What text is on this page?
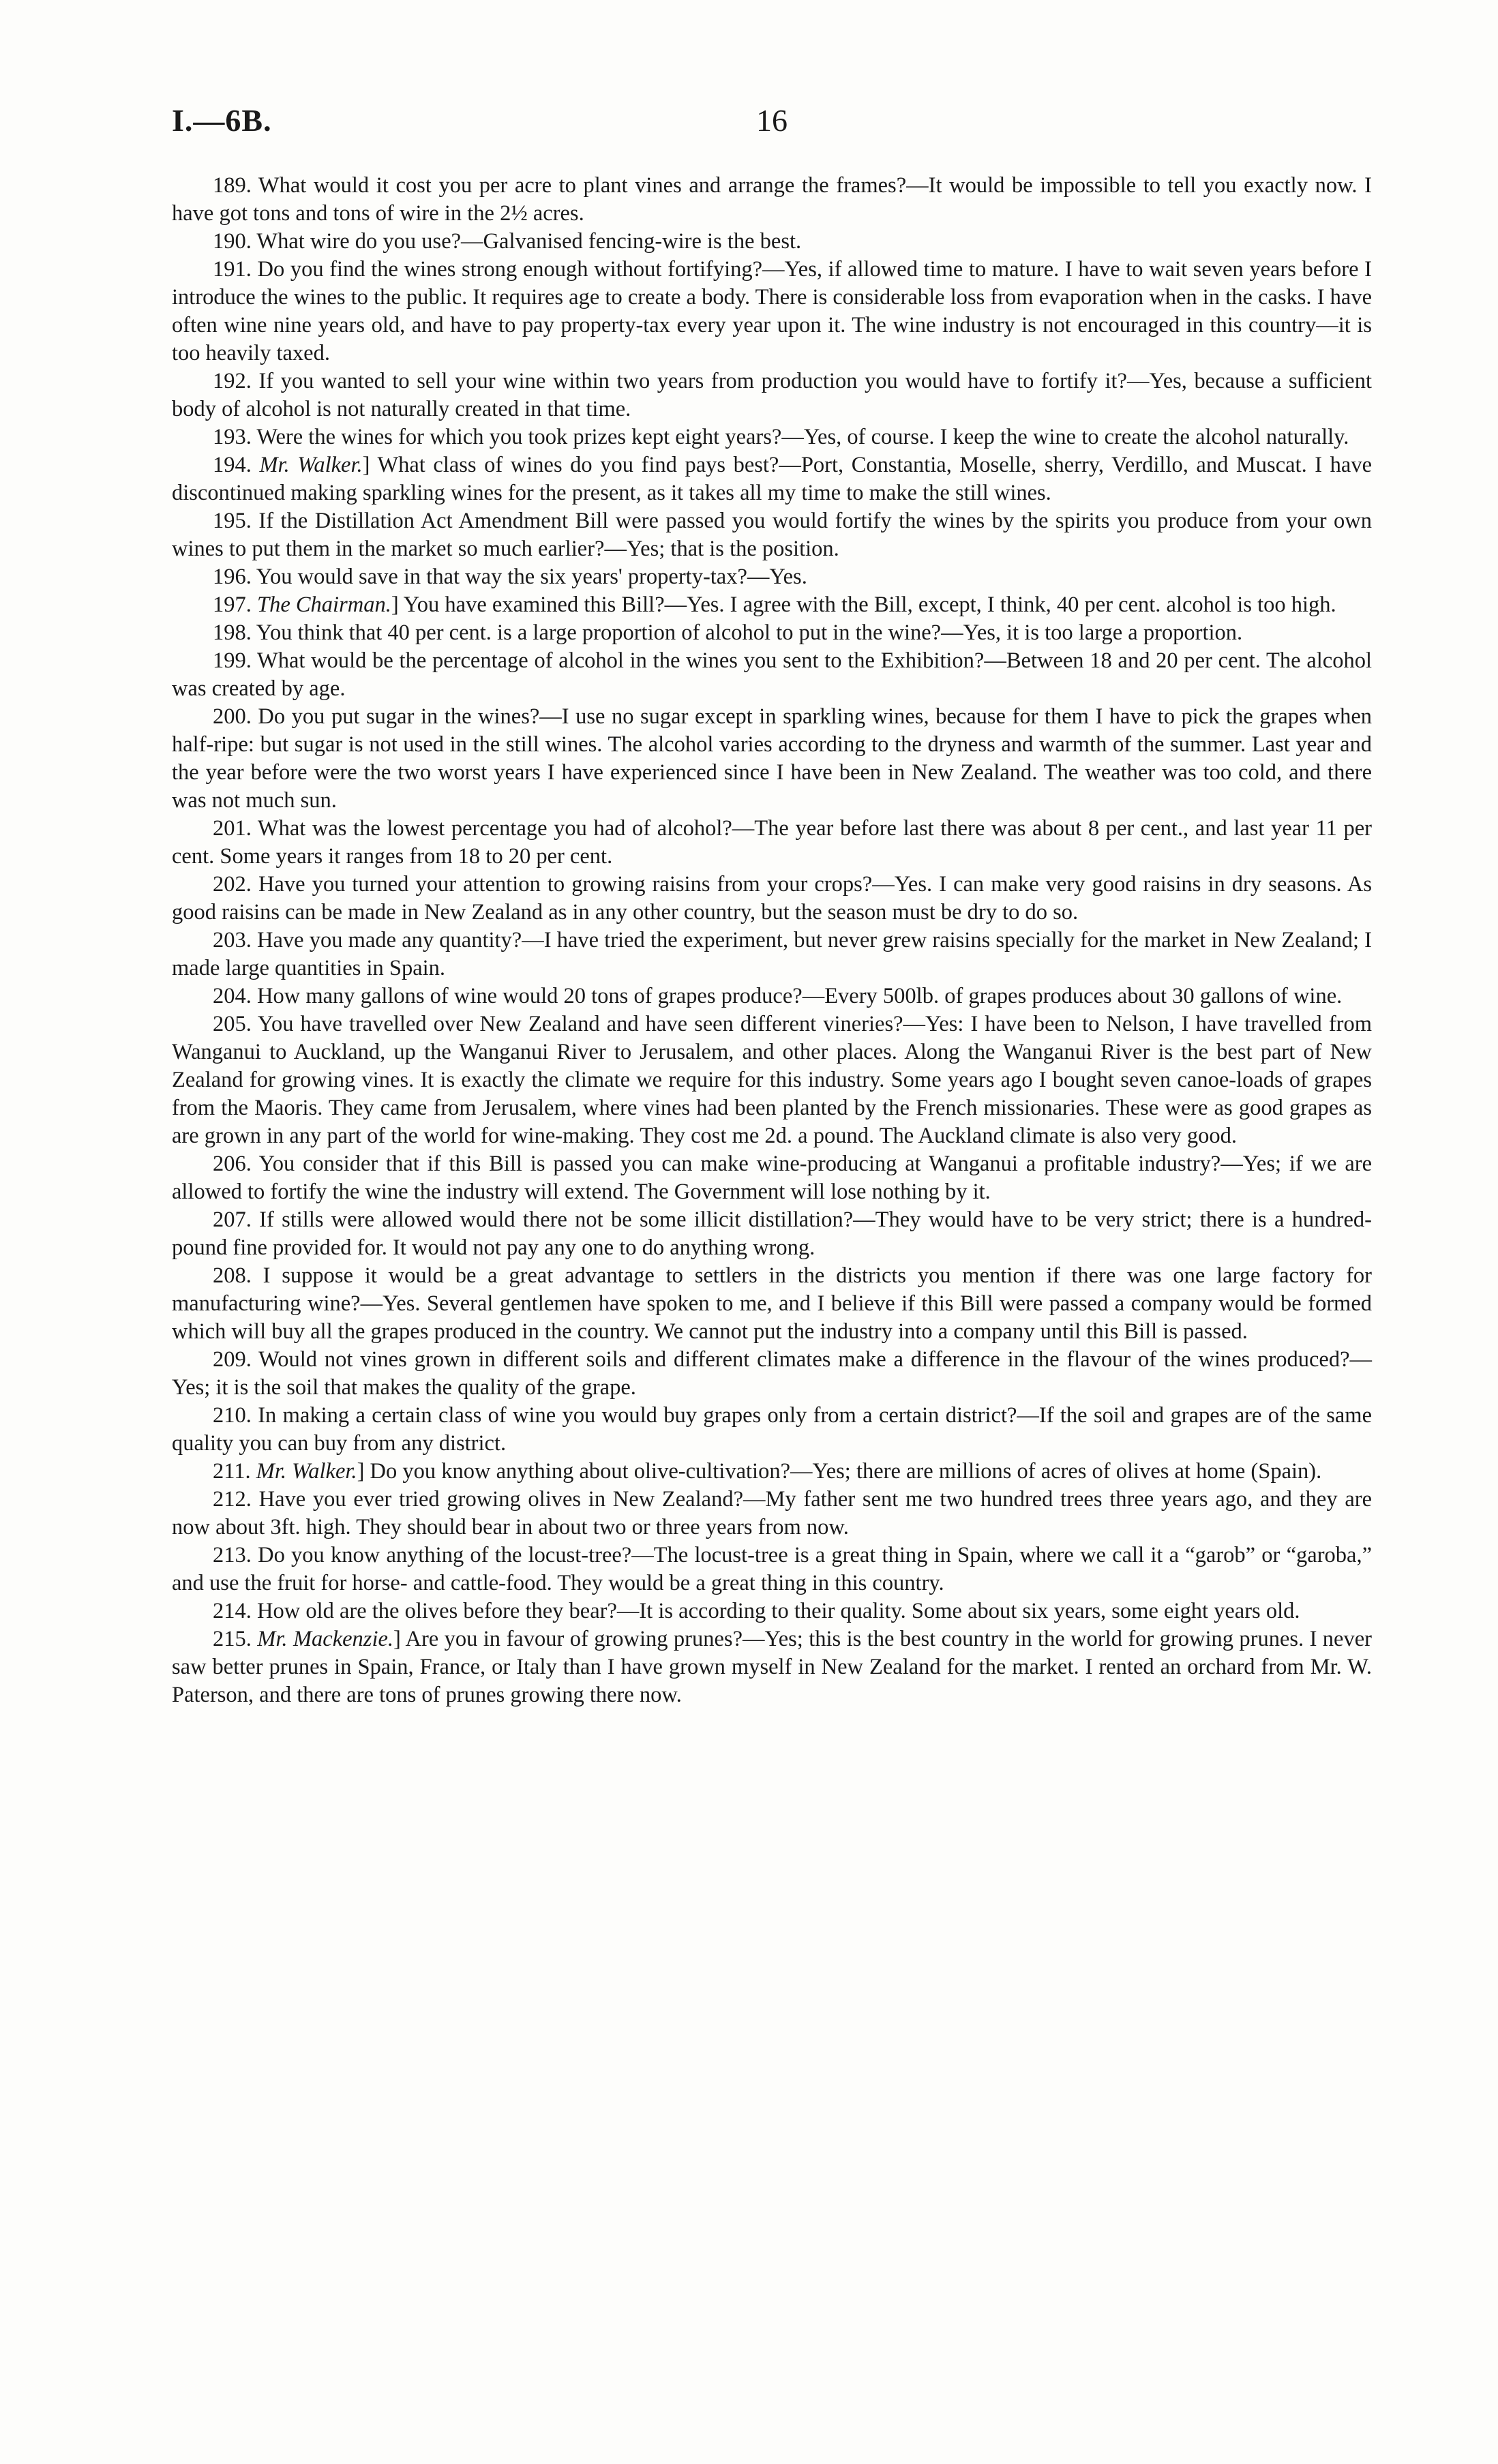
I.—6B.	16

189. What would it cost you per acre to plant vines and arrange the frames?—It would be impossible to tell you exactly now. I have got tons and tons of wire in the 2½ acres.

190. What wire do you use?—Galvanised fencing-wire is the best.

191. Do you find the wines strong enough without fortifying?—Yes, if allowed time to mature. I have to wait seven years before I introduce the wines to the public. It requires age to create a body. There is considerable loss from evaporation when in the casks. I have often wine nine years old, and have to pay property-tax every year upon it. The wine industry is not encouraged in this country—it is too heavily taxed.

192. If you wanted to sell your wine within two years from production you would have to fortify it?—Yes, because a sufficient body of alcohol is not naturally created in that time.

193. Were the wines for which you took prizes kept eight years?—Yes, of course. I keep the wine to create the alcohol naturally.

194. Mr. Walker.] What class of wines do you find pays best?—Port, Constantia, Moselle, sherry, Verdillo, and Muscat. I have discontinued making sparkling wines for the present, as it takes all my time to make the still wines.

195. If the Distillation Act Amendment Bill were passed you would fortify the wines by the spirits you produce from your own wines to put them in the market so much earlier?—Yes; that is the position.

196. You would save in that way the six years' property-tax?—Yes.

197. The Chairman.] You have examined this Bill?—Yes. I agree with the Bill, except, I think, 40 per cent. alcohol is too high.

198. You think that 40 per cent. is a large proportion of alcohol to put in the wine?—Yes, it is too large a proportion.

199. What would be the percentage of alcohol in the wines you sent to the Exhibition?—Between 18 and 20 per cent. The alcohol was created by age.

200. Do you put sugar in the wines?—I use no sugar except in sparkling wines, because for them I have to pick the grapes when half-ripe: but sugar is not used in the still wines. The alcohol varies according to the dryness and warmth of the summer. Last year and the year before were the two worst years I have experienced since I have been in New Zealand. The weather was too cold, and there was not much sun.

201. What was the lowest percentage you had of alcohol?—The year before last there was about 8 per cent., and last year 11 per cent. Some years it ranges from 18 to 20 per cent.

202. Have you turned your attention to growing raisins from your crops?—Yes. I can make very good raisins in dry seasons. As good raisins can be made in New Zealand as in any other country, but the season must be dry to do so.

203. Have you made any quantity?—I have tried the experiment, but never grew raisins specially for the market in New Zealand; I made large quantities in Spain.

204. How many gallons of wine would 20 tons of grapes produce?—Every 500lb. of grapes produces about 30 gallons of wine.

205. You have travelled over New Zealand and have seen different vineries?—Yes: I have been to Nelson, I have travelled from Wanganui to Auckland, up the Wanganui River to Jerusalem, and other places. Along the Wanganui River is the best part of New Zealand for growing vines. It is exactly the climate we require for this industry. Some years ago I bought seven canoe-loads of grapes from the Maoris. They came from Jerusalem, where vines had been planted by the French missionaries. These were as good grapes as are grown in any part of the world for wine-making. They cost me 2d. a pound. The Auckland climate is also very good.

206. You consider that if this Bill is passed you can make wine-producing at Wanganui a profitable industry?—Yes; if we are allowed to fortify the wine the industry will extend. The Government will lose nothing by it.

207. If stills were allowed would there not be some illicit distillation?—They would have to be very strict; there is a hundred-pound fine provided for. It would not pay any one to do anything wrong.

208. I suppose it would be a great advantage to settlers in the districts you mention if there was one large factory for manufacturing wine?—Yes. Several gentlemen have spoken to me, and I believe if this Bill were passed a company would be formed which will buy all the grapes produced in the country. We cannot put the industry into a company until this Bill is passed.

209. Would not vines grown in different soils and different climates make a difference in the flavour of the wines produced?—Yes; it is the soil that makes the quality of the grape.

210. In making a certain class of wine you would buy grapes only from a certain district?—If the soil and grapes are of the same quality you can buy from any district.

211. Mr. Walker.] Do you know anything about olive-cultivation?—Yes; there are millions of acres of olives at home (Spain).

212. Have you ever tried growing olives in New Zealand?—My father sent me two hundred trees three years ago, and they are now about 3ft. high. They should bear in about two or three years from now.

213. Do you know anything of the locust-tree?—The locust-tree is a great thing in Spain, where we call it a “garob” or “garoba,” and use the fruit for horse- and cattle-food. They would be a great thing in this country.

214. How old are the olives before they bear?—It is according to their quality. Some about six years, some eight years old.

215. Mr. Mackenzie.] Are you in favour of growing prunes?—Yes; this is the best country in the world for growing prunes. I never saw better prunes in Spain, France, or Italy than I have grown myself in New Zealand for the market. I rented an orchard from Mr. W. Paterson, and there are tons of prunes growing there now.
